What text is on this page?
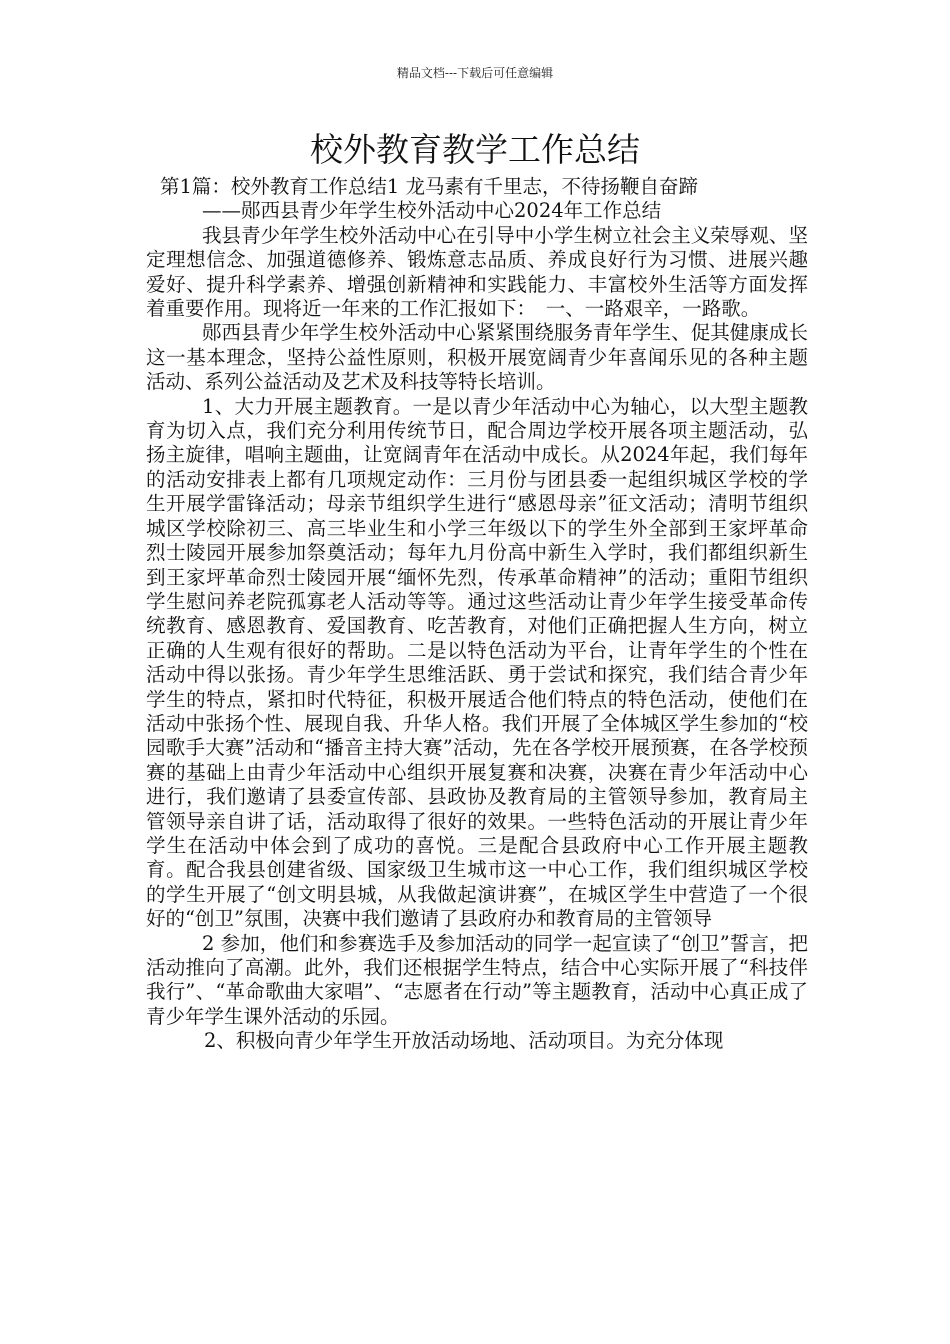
精品文档---下载后可任意编辑
校外教育教学工作总结
第1篇：校外教育工作总结1 龙马素有千里志，不待扬鞭自奋蹄
——郧西县青少年学生校外活动中心2024年工作总结

我县青少年学生校外活动中心在引导中小学生树立社会主义荣辱观、坚定理想信念、加强道德修养、锻炼意志品质、养成良好行为习惯、进展兴趣爱好、提升科学素养、增强创新精神和实践能力、丰富校外生活等方面发挥着重要作用。现将近一年来的工作汇报如下：　一、一路艰辛，一路歌。

郧西县青少年学生校外活动中心紧紧围绕服务青年学生、促其健康成长这一基本理念，坚持公益性原则，积极开展宽阔青少年喜闻乐见的各种主题活动、系列公益活动及艺术及科技等特长培训。

1、大力开展主题教育。一是以青少年活动中心为轴心，以大型主题教育为切入点，我们充分利用传统节日，配合周边学校开展各项主题活动，弘扬主旋律，唱响主题曲，让宽阔青年在活动中成长。从2024年起，我们每年的活动安排表上都有几项规定动作：三月份与团县委一起组织城区学校的学生开展学雷锋活动；母亲节组织学生进行“感恩母亲”征文活动；清明节组织城区学校除初三、高三毕业生和小学三年级以下的学生外全部到王家坪革命烈士陵园开展参加祭奠活动；每年九月份高中新生入学时，我们都组织新生到王家坪革命烈士陵园开展“缅怀先烈，传承革命精神”的活动；重阳节组织学生慰问养老院孤寡老人活动等等。通过这些活动让青少年学生接受革命传统教育、感恩教育、爱国教育、吃苦教育，对他们正确把握人生方向，树立正确的人生观有很好的帮助。二是以特色活动为平台，让青年学生的个性在活动中得以张扬。青少年学生思维活跃、勇于尝试和探究，我们结合青少年学生的特点，紧扣时代特征，积极开展适合他们特点的特色活动，使他们在活动中张扬个性、展现自我、升华人格。我们开展了全体城区学生参加的“校园歌手大赛”活动和“播音主持大赛”活动，先在各学校开展预赛，在各学校预赛的基础上由青少年活动中心组织开展复赛和决赛，决赛在青少年活动中心进行，我们邀请了县委宣传部、县政协及教育局的主管领导参加，教育局主管领导亲自讲了话，活动取得了很好的效果。一些特色活动的开展让青少年学生在活动中体会到了成功的喜悦。三是配合县政府中心工作开展主题教育。配合我县创建省级、国家级卫生城市这一中心工作，我们组织城区学校的学生开展了“创文明县城，从我做起演讲赛”，在城区学生中营造了一个很好的“创卫”氛围，决赛中我们邀请了县政府办和教育局的主管领导

2 参加，他们和参赛选手及参加活动的同学一起宣读了“创卫”誓言，把活动推向了高潮。此外，我们还根据学生特点，结合中心实际开展了“科技伴我行”、“革命歌曲大家唱”、“志愿者在行动”等主题教育，活动中心真正成了青少年学生课外活动的乐园。

2、积极向青少年学生开放活动场地、活动项目。为充分体现
